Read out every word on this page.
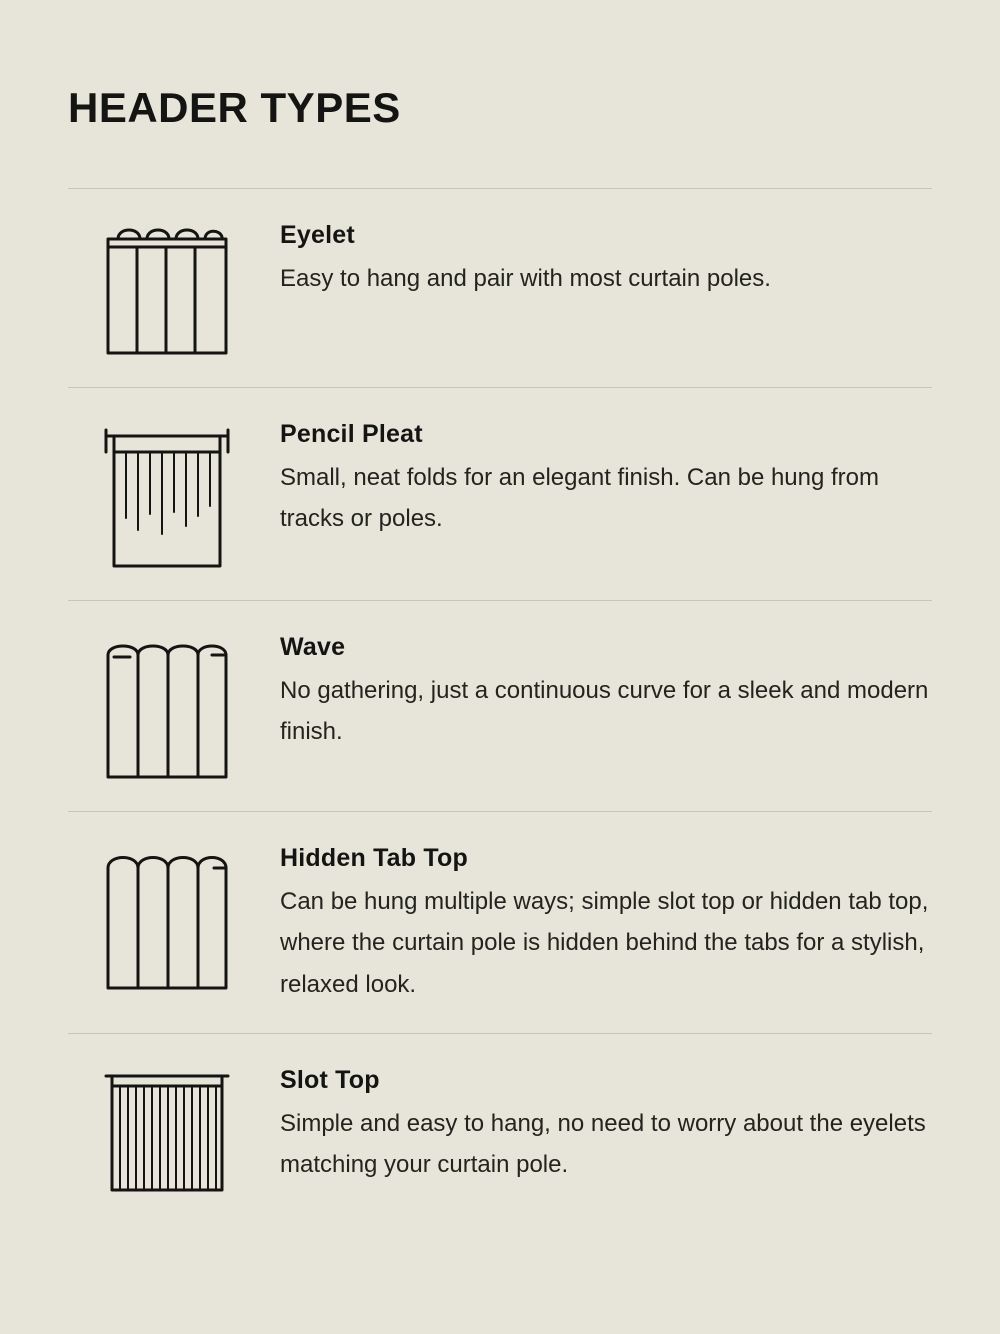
HEADER TYPES
Eyelet

Easy to hang and pair with most curtain poles.

Pencil Pleat

Small, neat folds for an elegant finish. Can be hung from tracks or poles.

Wave

No gathering, just a continuous curve for a sleek and modern finish.

Hidden Tab Top

Can be hung multiple ways; simple slot top or hidden tab top, where the curtain pole is hidden behind the tabs for a stylish, relaxed look.

Slot Top

Simple and easy to hang, no need to worry about the eyelets matching your curtain pole.
